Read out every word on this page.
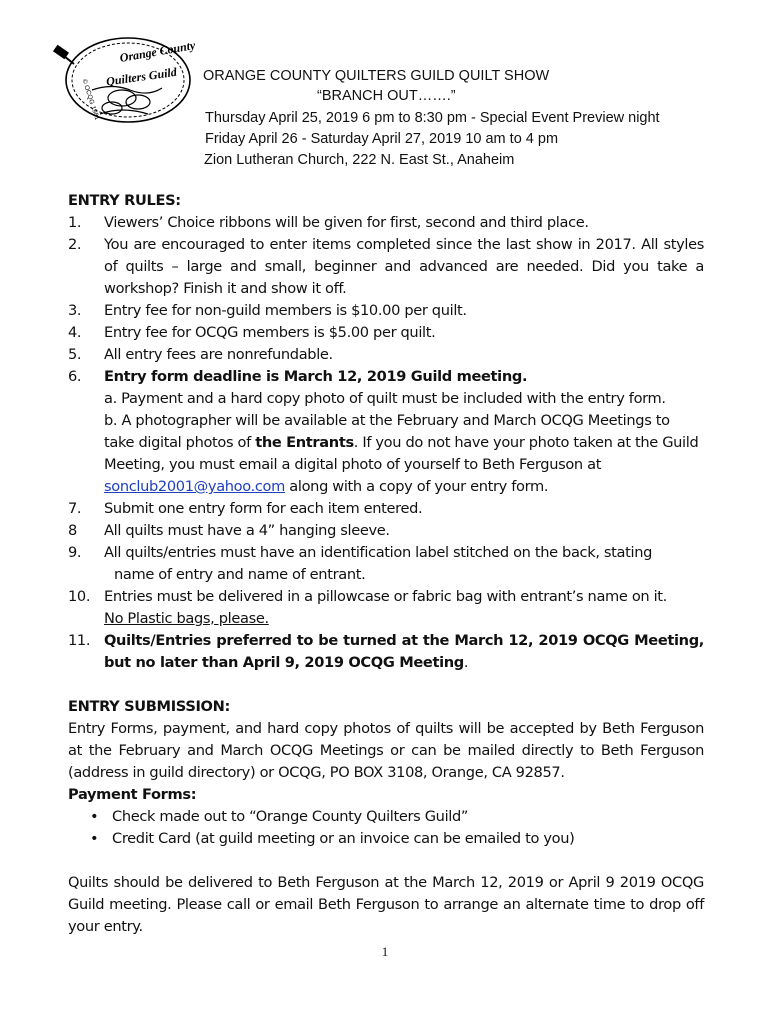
Orange County
Quilters Guild
© OCQG 1981
ORANGE COUNTY QUILTERS GUILD QUILT SHOW
“BRANCH OUT…….”
Thursday April 25, 2019 6 pm to 8:30 pm - Special Event Preview night
Friday April 26 - Saturday April 27, 2019 10 am to 4 pm
Zion Lutheran Church, 222 N. East St., Anaheim

ENTRY RULES:

1. Viewers’ Choice ribbons will be given for first, second and third place.
2. You are encouraged to enter items completed since the last show in 2017. All styles of quilts – large and small, beginner and advanced are needed. Did you take a workshop? Finish it and show it off.
3. Entry fee for non-guild members is $10.00 per quilt.
4. Entry fee for OCQG members is $5.00 per quilt.
5. All entry fees are nonrefundable.
6. Entry form deadline is March 12, 2019 Guild meeting.

a. Payment and a hard copy photo of quilt must be included with the entry form.

b. A photographer will be available at the February and March OCQG Meetings to take digital photos of the Entrants. If you do not have your photo taken at the Guild Meeting, you must email a digital photo of yourself to Beth Ferguson at sonclub2001@yahoo.com along with a copy of your entry form.

7. Submit one entry form for each item entered.
8 All quilts must have a 4” hanging sleeve.
9. All quilts/entries must have an identification label stitched on the back, stating
name of entry and name of entrant.
10. Entries must be delivered in a pillowcase or fabric bag with entrant’s name on it.
No Plastic bags, please.
11. Quilts/Entries preferred to be turned at the March 12, 2019 OCQG Meeting, but no later than April 9, 2019 OCQG Meeting.

ENTRY SUBMISSION:

Entry Forms, payment, and hard copy photos of quilts will be accepted by Beth Ferguson at the February and March OCQG Meetings or can be mailed directly to Beth Ferguson (address in guild directory) or OCQG, PO BOX 3108, Orange, CA 92857.

Payment Forms:

• Check made out to “Orange County Quilters Guild”
• Credit Card (at guild meeting or an invoice can be emailed to you)

Quilts should be delivered to Beth Ferguson at the March 12, 2019 or April 9 2019 OCQG Guild meeting. Please call or email Beth Ferguson to arrange an alternate time to drop off your entry.

1
